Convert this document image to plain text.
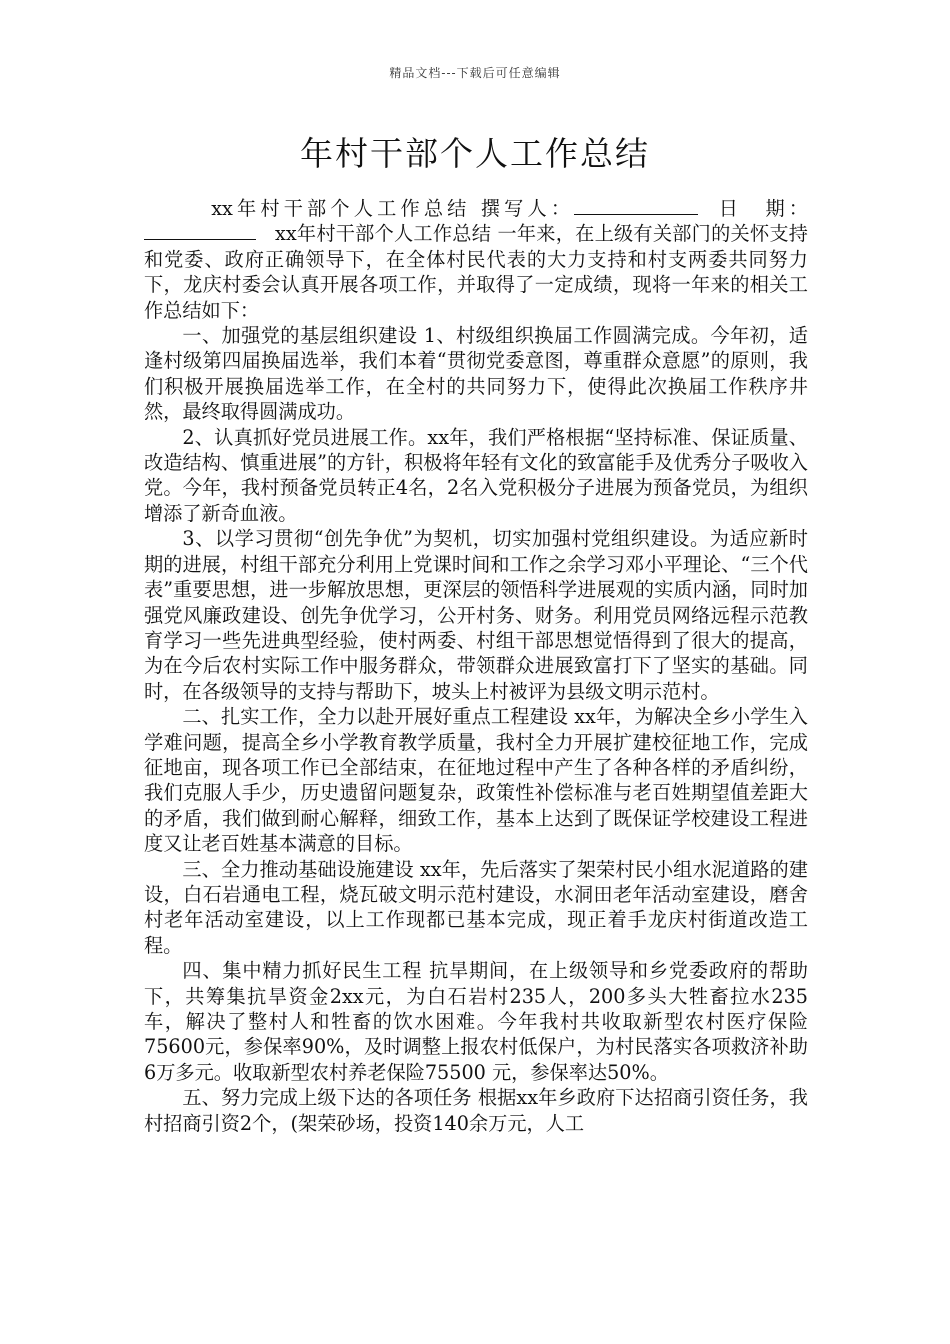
精品文档---下载后可任意编辑
年村干部个人工作总结

xx年村干部个人工作总结 撰写人：	日　期：   xx年村干部个人工作总结 一年来，在上级有关部门的关怀支持和党委、政府正确领导下，在全体村民代表的大力支持和村支两委共同努力下，龙庆村委会认真开展各项工作，并取得了一定成绩，现将一年来的相关工作总结如下：

一、加强党的基层组织建设 1、村级组织换届工作圆满完成。今年初，适逢村级第四届换届选举，我们本着“贯彻党委意图，尊重群众意愿”的原则，我们积极开展换届选举工作，在全村的共同努力下，使得此次换届工作秩序井然，最终取得圆满成功。

2、认真抓好党员进展工作。xx年，我们严格根据“坚持标准、保证质量、改造结构、慎重进展”的方针，积极将年轻有文化的致富能手及优秀分子吸收入党。今年，我村预备党员转正4名，2名入党积极分子进展为预备党员，为组织增添了新奇血液。

3、以学习贯彻“创先争优”为契机，切实加强村党组织建设。为适应新时期的进展，村组干部充分利用上党课时间和工作之余学习邓小平理论、“三个代表”重要思想，进一步解放思想，更深层的领悟科学进展观的实质内涵，同时加强党风廉政建设、创先争优学习，公开村务、财务。利用党员网络远程示范教育学习一些先进典型经验，使村两委、村组干部思想觉悟得到了很大的提高，为在今后农村实际工作中服务群众，带领群众进展致富打下了坚实的基础。同时，在各级领导的支持与帮助下，坡头上村被评为县级文明示范村。

二、扎实工作，全力以赴开展好重点工程建设 xx年，为解决全乡小学生入学难问题，提高全乡小学教育教学质量，我村全力开展扩建校征地工作，完成征地亩，现各项工作已全部结束，在征地过程中产生了各种各样的矛盾纠纷，我们克服人手少，历史遗留问题复杂，政策性补偿标准与老百姓期望值差距大的矛盾，我们做到耐心解释，细致工作，基本上达到了既保证学校建设工程进度又让老百姓基本满意的目标。

三、全力推动基础设施建设 xx年，先后落实了架荣村民小组水泥道路的建设，白石岩通电工程，烧瓦破文明示范村建设，水洞田老年活动室建设，磨舍村老年活动室建设，以上工作现都已基本完成，现正着手龙庆村街道改造工程。

四、集中精力抓好民生工程 抗旱期间，在上级领导和乡党委政府的帮助下，共筹集抗旱资金2xx元，为白石岩村235人，200多头大牲畜拉水235 车，解决了整村人和牲畜的饮水困难。今年我村共收取新型农村医疗保险75600元，参保率90%，及时调整上报农村低保户，为村民落实各项救济补助6万多元。收取新型农村养老保险75500 元，参保率达50%。

五、努力完成上级下达的各项任务 根据xx年乡政府下达招商引资任务，我村招商引资2个，(架荣砂场，投资140余万元，人工
